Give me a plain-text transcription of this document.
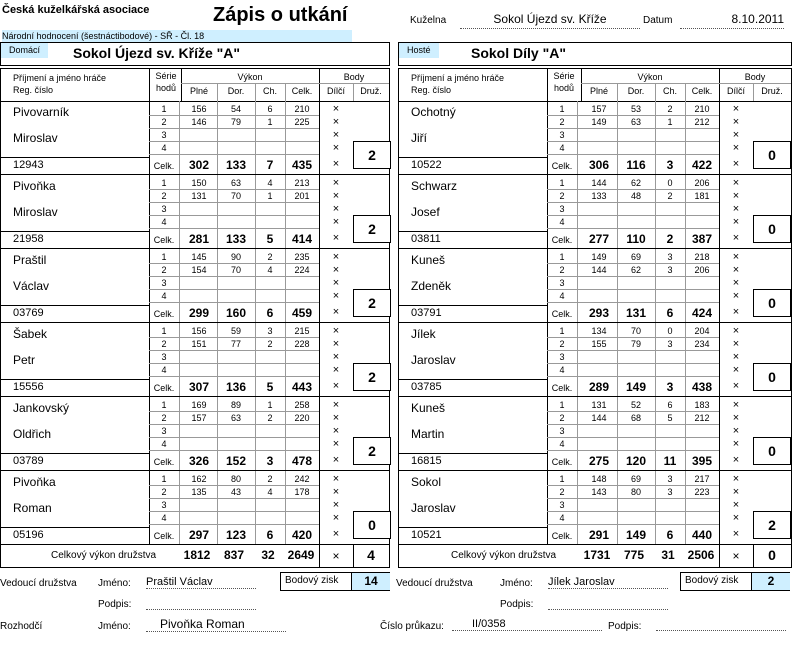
Česká kuželkářská asociace
Národní hodnocení (šestnáctibodové) - SŘ - Čl. 18
Zápis o utkání	Kuželna	Sokol Újezd sv. Kříže	Datum	8.10.2011
Domácí	Sokol Újezd sv. Kříže "A"	Hosté	Sokol Díly "A"
Příjmení a jméno hráče
Reg. číslo
Série
hodů
Výkon
Plné	Dor.	Ch.	Celk.
Body
Dílčí	Druž.
Pivovarník
Miroslav
12943
1	156	54	6	210	×
2	146	79	1	225	×
3	×
4	×
Celk.	302	133	7	435	×
2
Pivoňka
Miroslav
21958
1	150	63	4	213	×
2	131	70	1	201	×
3	×
4	×
Celk.	281	133	5	414	×
2
Praštil
Václav
03769
1	145	90	2	235	×
2	154	70	4	224	×
3	×
4	×
Celk.	299	160	6	459	×
2
Šabek
Petr
15556
1	156	59	3	215	×
2	151	77	2	228	×
3	×
4	×
Celk.	307	136	5	443	×
2
Jankovský
Oldřich
03789
1	169	89	1	258	×
2	157	63	2	220	×
3	×
4	×
Celk.	326	152	3	478	×
2
Pivoňka
Roman
05196
1	162	80	2	242	×
2	135	43	4	178	×
3	×
4	×
Celk.	297	123	6	420	×
0
Příjmení a jméno hráče
Reg. číslo
Série
hodů
Výkon
Plné	Dor.	Ch.	Celk.
Body
Dílčí	Druž.
Ochotný
Jiří
10522
1	157	53	2	210	×
2	149	63	1	212	×
3	×
4	×
Celk.	306	116	3	422	×
0
Schwarz
Josef
03811
1	144	62	0	206	×
2	133	48	2	181	×
3	×
4	×
Celk.	277	110	2	387	×
0
Kuneš
Zdeněk
03791
1	149	69	3	218	×
2	144	62	3	206	×
3	×
4	×
Celk.	293	131	6	424	×
0
Jílek
Jaroslav
03785
1	134	70	0	204	×
2	155	79	3	234	×
3	×
4	×
Celk.	289	149	3	438	×
0
Kuneš
Martin
16815
1	131	52	6	183	×
2	144	68	5	212	×
3	×
4	×
Celk.	275	120	11	395	×
0
Sokol
Jaroslav
10521
1	148	69	3	217	×
2	143	80	3	223	×
3	×
4	×
Celk.	291	149	6	440	×
2
Celkový výkon družstva	1812	837	32	2649	×	4	Celkový výkon družstva	1731	775	31	2506	×	0
Bodový zisk	14	Bodový zisk	2
Vedoucí družstva Jméno: Praštil Václav
Podpis:
Vedoucí družstva	Jméno: Jílek Jaroslav
Podpis:
Rozhodčí	Jméno:	Pivoňka Roman	Číslo průkazu:	II/0358	Podpis:
